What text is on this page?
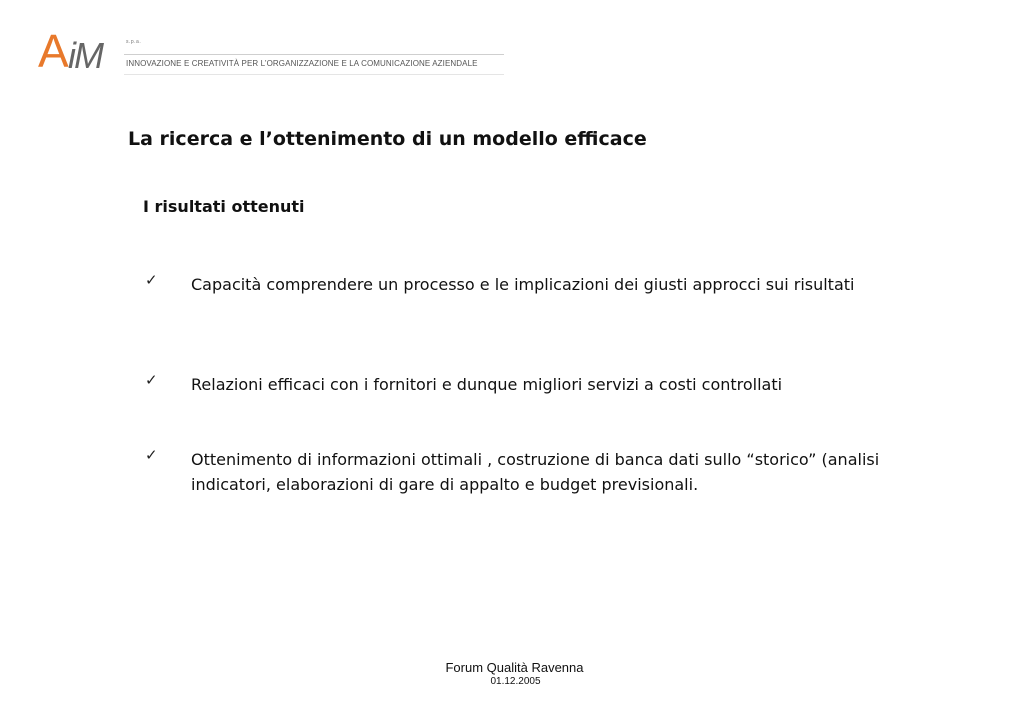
A iM	s.p.a.
INNOVAZIONE E CREATIVITÀ PER L’ORGANIZZAZIONE E LA COMUNICAZIONE AZIENDALE
La ricerca e l’ottenimento di un modello efficace
I risultati ottenuti
✓ Capacità comprendere un processo e le implicazioni dei giusti approcci sui risultati
✓ Relazioni efficaci con i fornitori e dunque migliori servizi a costi controllati
✓ Ottenimento di informazioni ottimali , costruzione di banca dati sullo “storico” (analisi indicatori, elaborazioni di gare di appalto e budget previsionali.
Forum Qualità Ravenna
01.12.2005
